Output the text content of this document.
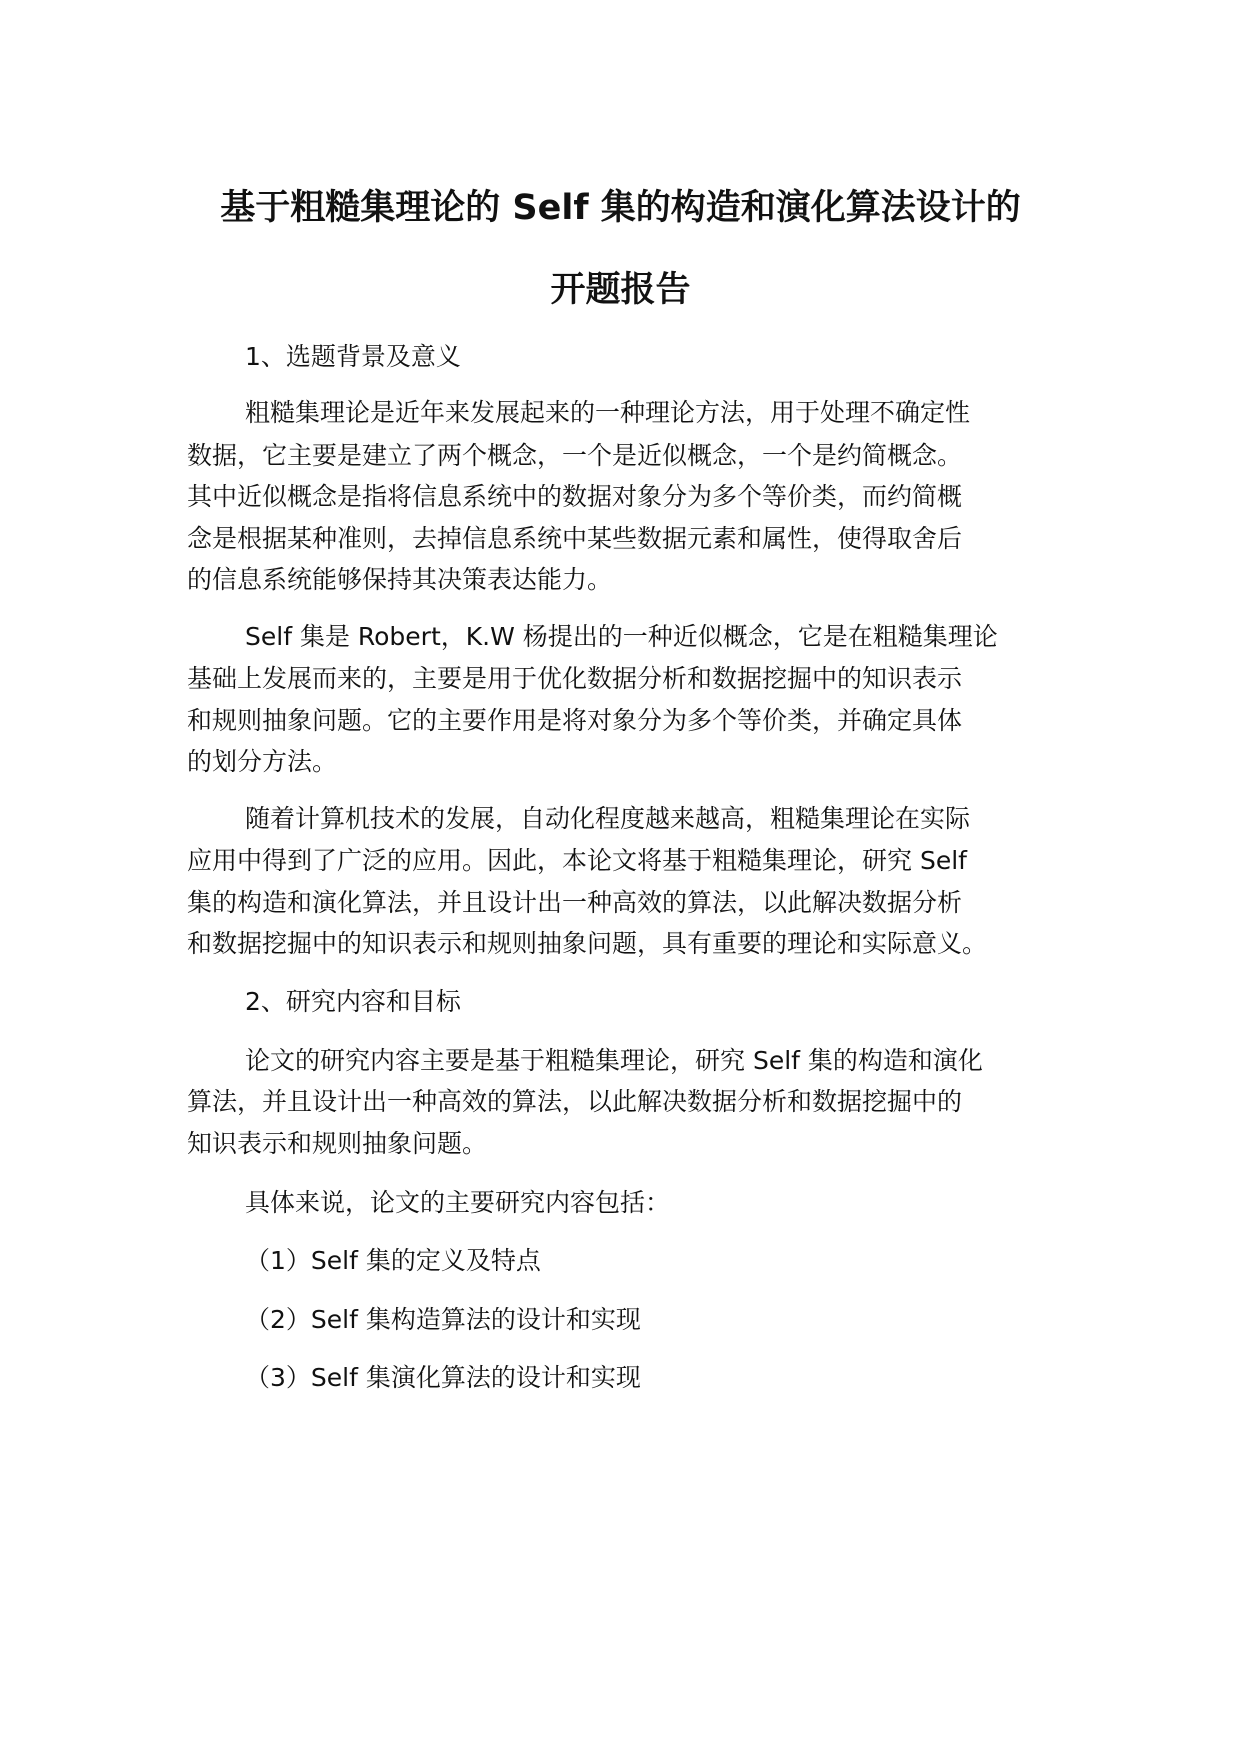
基于粗糙集理论的 Self 集的构造和演化算法设计的
开题报告
1、选题背景及意义
粗糙集理论是近年来发展起来的一种理论方法，用于处理不确定性
数据，它主要是建立了两个概念，一个是近似概念，一个是约简概念。
其中近似概念是指将信息系统中的数据对象分为多个等价类，而约简概
念是根据某种准则，去掉信息系统中某些数据元素和属性，使得取舍后
的信息系统能够保持其决策表达能力。
Self 集是 Robert，K.W 杨提出的一种近似概念，它是在粗糙集理论
基础上发展而来的，主要是用于优化数据分析和数据挖掘中的知识表示
和规则抽象问题。它的主要作用是将对象分为多个等价类，并确定具体
的划分方法。
随着计算机技术的发展，自动化程度越来越高，粗糙集理论在实际
应用中得到了广泛的应用。因此，本论文将基于粗糙集理论，研究 Self
集的构造和演化算法，并且设计出一种高效的算法，以此解决数据分析
和数据挖掘中的知识表示和规则抽象问题，具有重要的理论和实际意义。
2、研究内容和目标
论文的研究内容主要是基于粗糙集理论，研究 Self 集的构造和演化
算法，并且设计出一种高效的算法，以此解决数据分析和数据挖掘中的
知识表示和规则抽象问题。
具体来说，论文的主要研究内容包括：
（1）Self 集的定义及特点
（2）Self 集构造算法的设计和实现
（3）Self 集演化算法的设计和实现
